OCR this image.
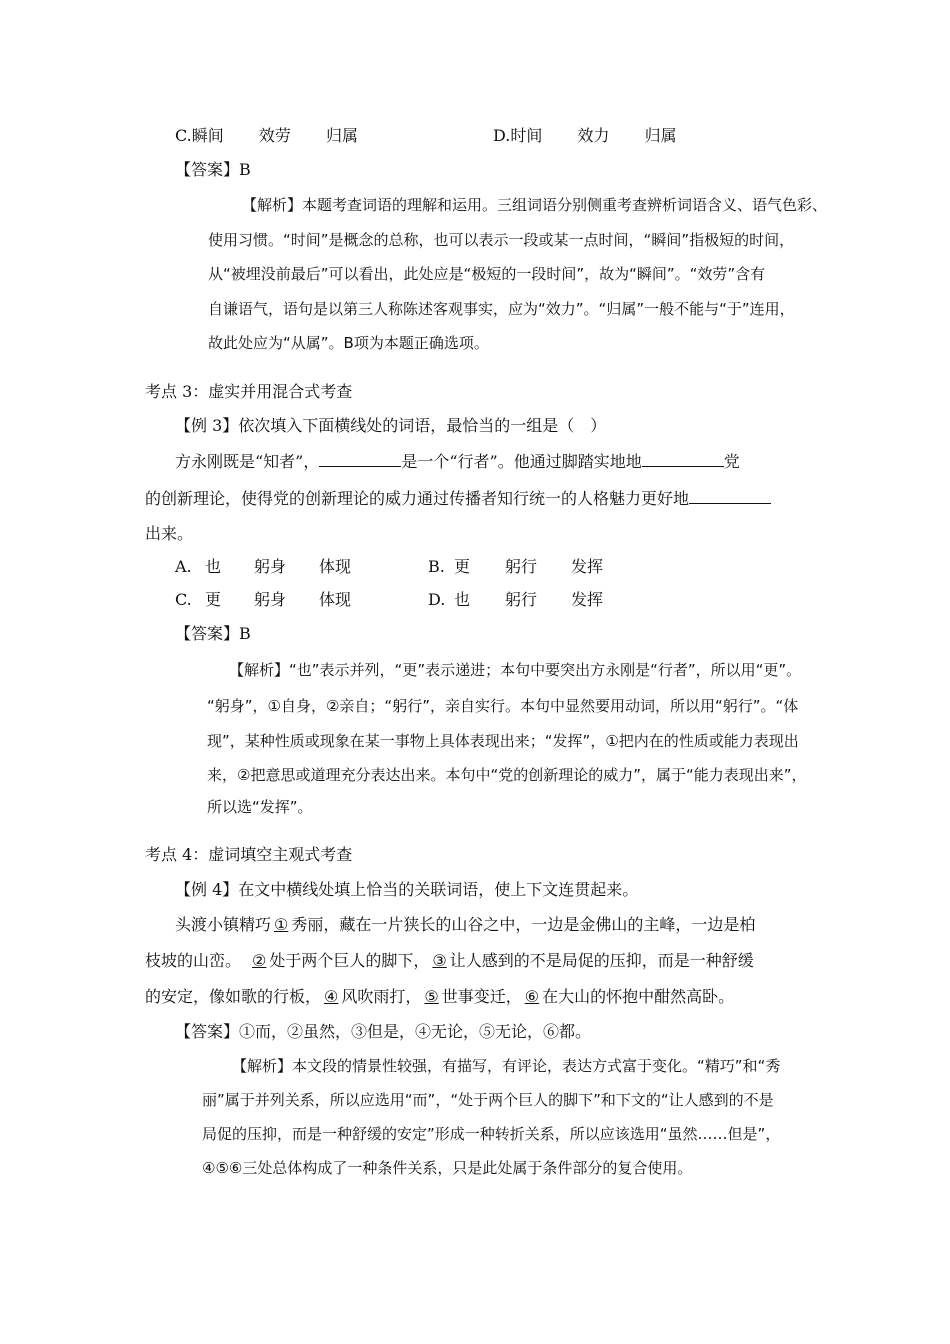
C.瞬间 效劳 归属	D.时间 效力 归属
【答案】B
【解析】本题考查词语的理解和运用。三组词语分别侧重考查辨析词语含义、语气色彩、
使用习惯。“时间”是概念的总称，也可以表示一段或某一点时间，“瞬间”指极短的时间，
从“被埋没前最后”可以看出，此处应是“极短的一段时间”，故为“瞬间”。“效劳”含有
自谦语气，语句是以第三人称陈述客观事实，应为“效力”。“归属”一般不能与“于”连用，
故此处应为“从属”。B项为本题正确选项。
考点 3：虚实并用混合式考查
【例 3】依次填入下面横线处的词语，最恰当的一组是（　）
方永刚既是“知者”，	是一个“行者”。他通过脚踏实地地	党
的创新理论，使得党的创新理论的威力通过传播者知行统一的人格魅力更好地
出来。
A. 也 躬身 体现	B. 更 躬行 发挥
C. 更 躬身 体现	D. 也 躬行 发挥
【答案】B
【解析】“也”表示并列，“更”表示递进；本句中要突出方永刚是“行者”，所以用“更”。
“躬身”，①自身，②亲自；“躬行”，亲自实行。本句中显然要用动词，所以用“躬行”。“体
现”，某种性质或现象在某一事物上具体表现出来；“发挥”，①把内在的性质或能力表现出
来，②把意思或道理充分表达出来。本句中“党的创新理论的威力”，属于“能力表现出来”，
所以选“发挥”。
考点 4：虚词填空主观式考查
【例 4】在文中横线处填上恰当的关联词语，使上下文连贯起来。
头渡小镇精巧 ① 秀丽，藏在一片狭长的山谷之中，一边是金佛山的主峰，一边是柏
枝坡的山峦。 ② 处于两个巨人的脚下， ③ 让人感到的不是局促的压抑，而是一种舒缓
的安定，像如歌的行板， ④ 风吹雨打， ⑤ 世事变迁， ⑥ 在大山的怀抱中酣然高卧。
【答案】①而，②虽然，③但是，④无论，⑤无论，⑥都。
【解析】本文段的情景性较强，有描写，有评论，表达方式富于变化。“精巧”和“秀
丽”属于并列关系，所以应选用“而”，“处于两个巨人的脚下”和下文的“让人感到的不是
局促的压抑，而是一种舒缓的安定”形成一种转折关系，所以应该选用“虽然……但是”，
④⑤⑥三处总体构成了一种条件关系，只是此处属于条件部分的复合使用。
